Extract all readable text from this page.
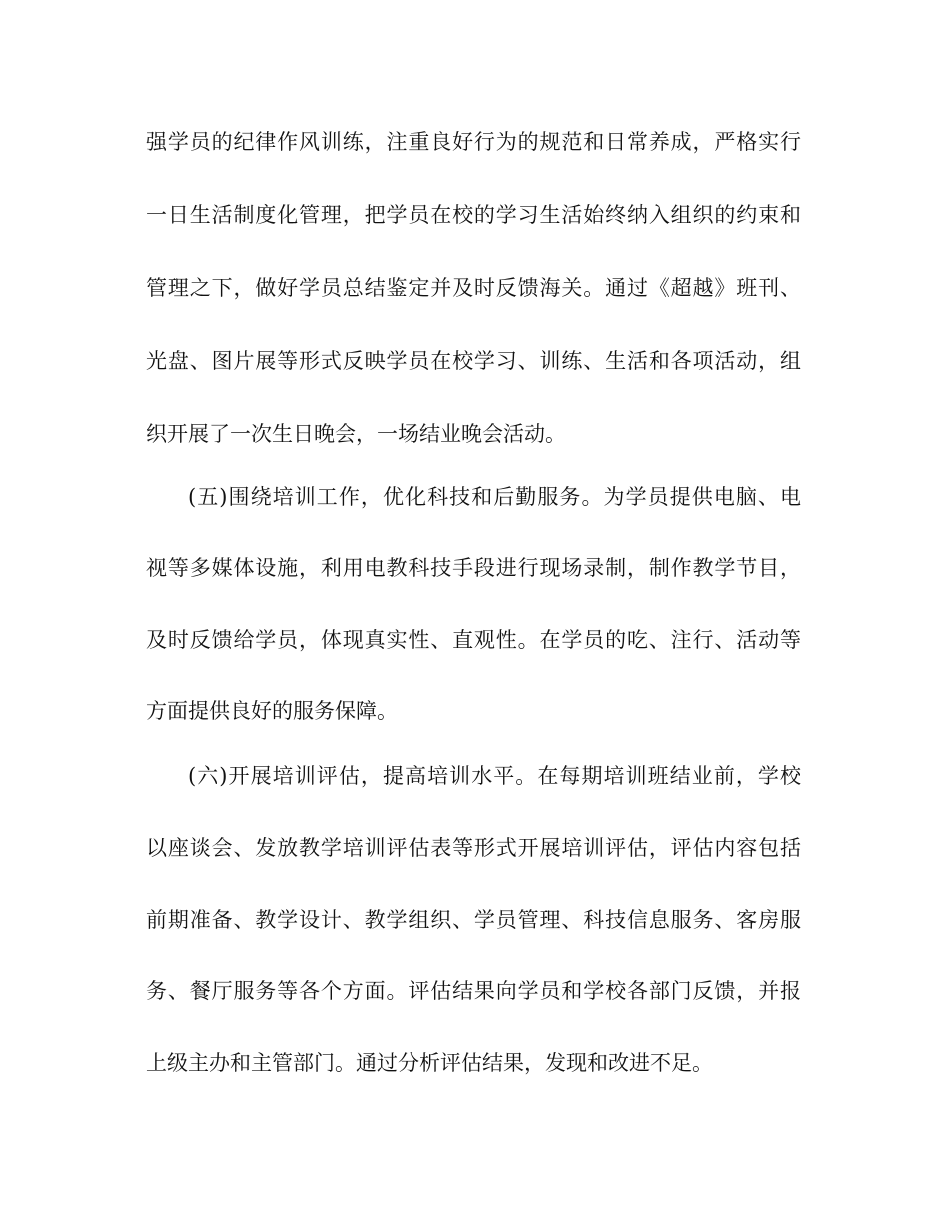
强学员的纪律作风训练，注重良好行为的规范和日常养成，严格实行
一日生活制度化管理，把学员在校的学习生活始终纳入组织的约束和
管理之下，做好学员总结鉴定并及时反馈海关。通过《超越》班刊、
光盘、图片展等形式反映学员在校学习、训练、生活和各项活动，组
织开展了一次生日晚会，一场结业晚会活动。
(五)围绕培训工作，优化科技和后勤服务。为学员提供电脑、电
视等多媒体设施，利用电教科技手段进行现场录制，制作教学节目，
及时反馈给学员，体现真实性、直观性。在学员的吃、注行、活动等
方面提供良好的服务保障。
(六)开展培训评估，提高培训水平。在每期培训班结业前，学校
以座谈会、发放教学培训评估表等形式开展培训评估，评估内容包括
前期准备、教学设计、教学组织、学员管理、科技信息服务、客房服
务、餐厅服务等各个方面。评估结果向学员和学校各部门反馈，并报
上级主办和主管部门。通过分析评估结果，发现和改进不足。
